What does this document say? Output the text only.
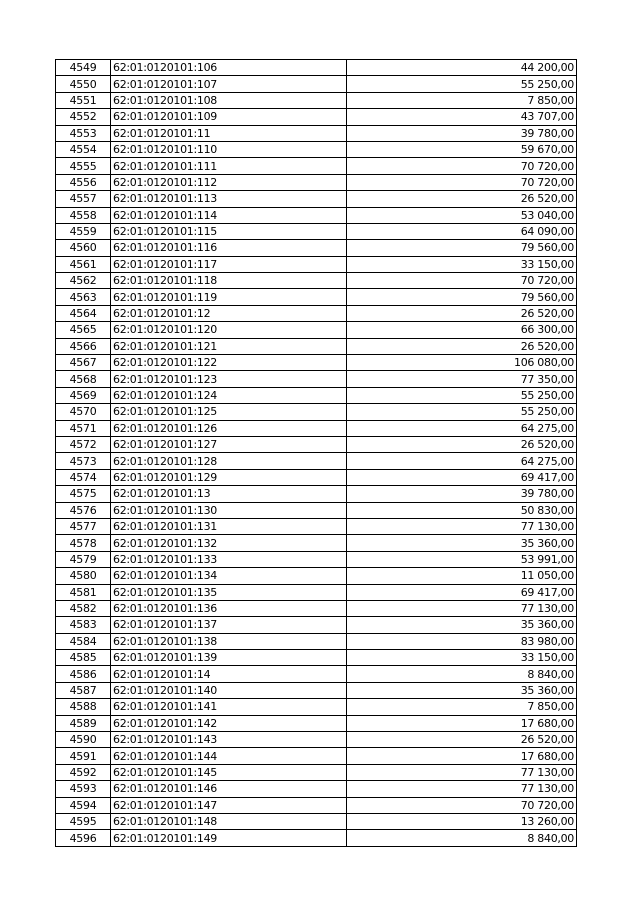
4549	62:01:0120101:106	44 200,00
4550	62:01:0120101:107	55 250,00
4551	62:01:0120101:108	7 850,00
4552	62:01:0120101:109	43 707,00
4553	62:01:0120101:11	39 780,00
4554	62:01:0120101:110	59 670,00
4555	62:01:0120101:111	70 720,00
4556	62:01:0120101:112	70 720,00
4557	62:01:0120101:113	26 520,00
4558	62:01:0120101:114	53 040,00
4559	62:01:0120101:115	64 090,00
4560	62:01:0120101:116	79 560,00
4561	62:01:0120101:117	33 150,00
4562	62:01:0120101:118	70 720,00
4563	62:01:0120101:119	79 560,00
4564	62:01:0120101:12	26 520,00
4565	62:01:0120101:120	66 300,00
4566	62:01:0120101:121	26 520,00
4567	62:01:0120101:122	106 080,00
4568	62:01:0120101:123	77 350,00
4569	62:01:0120101:124	55 250,00
4570	62:01:0120101:125	55 250,00
4571	62:01:0120101:126	64 275,00
4572	62:01:0120101:127	26 520,00
4573	62:01:0120101:128	64 275,00
4574	62:01:0120101:129	69 417,00
4575	62:01:0120101:13	39 780,00
4576	62:01:0120101:130	50 830,00
4577	62:01:0120101:131	77 130,00
4578	62:01:0120101:132	35 360,00
4579	62:01:0120101:133	53 991,00
4580	62:01:0120101:134	11 050,00
4581	62:01:0120101:135	69 417,00
4582	62:01:0120101:136	77 130,00
4583	62:01:0120101:137	35 360,00
4584	62:01:0120101:138	83 980,00
4585	62:01:0120101:139	33 150,00
4586	62:01:0120101:14	8 840,00
4587	62:01:0120101:140	35 360,00
4588	62:01:0120101:141	7 850,00
4589	62:01:0120101:142	17 680,00
4590	62:01:0120101:143	26 520,00
4591	62:01:0120101:144	17 680,00
4592	62:01:0120101:145	77 130,00
4593	62:01:0120101:146	77 130,00
4594	62:01:0120101:147	70 720,00
4595	62:01:0120101:148	13 260,00
4596	62:01:0120101:149	8 840,00
